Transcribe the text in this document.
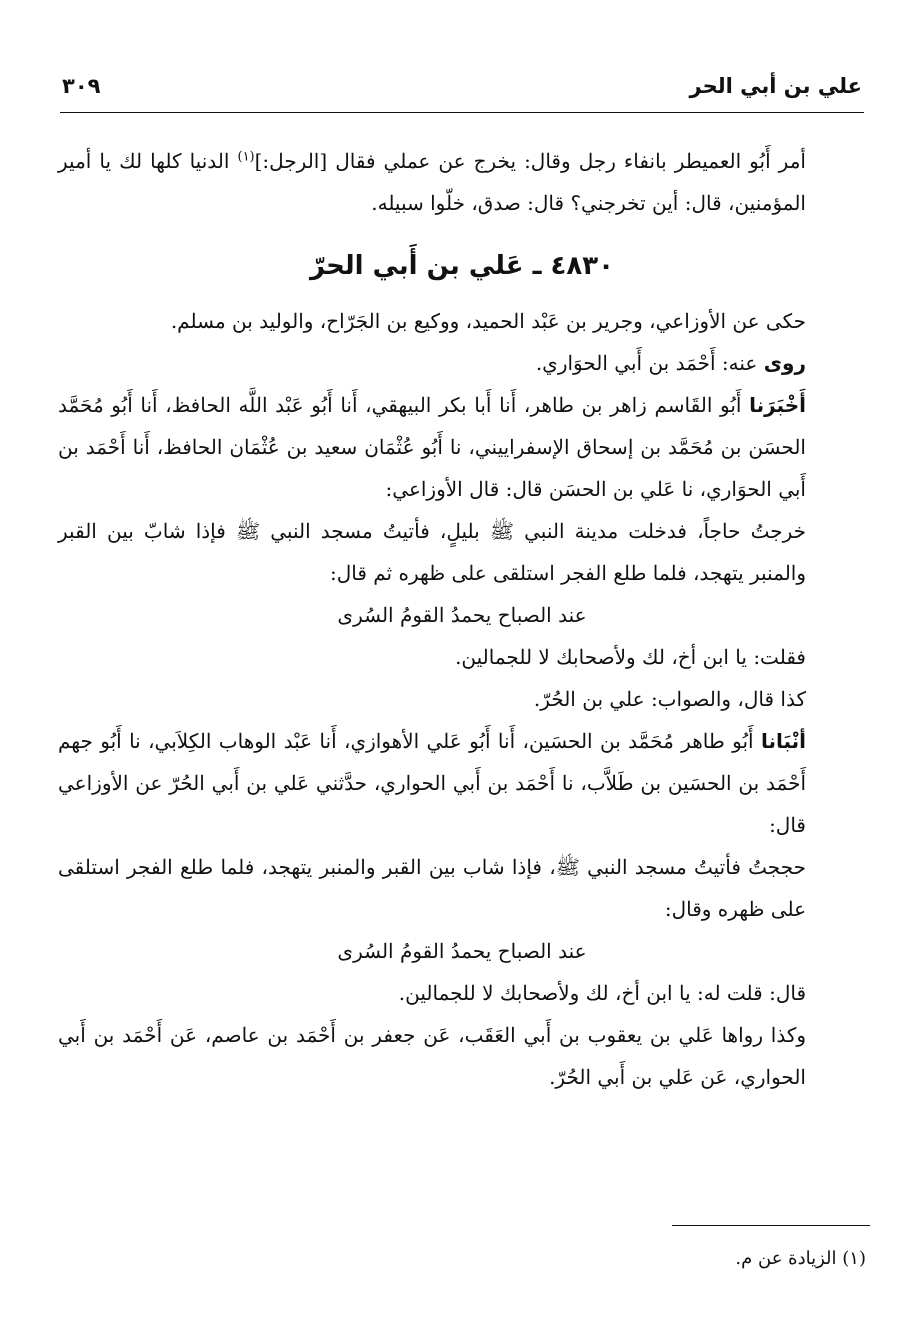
علي بن أبي الحر
٣٠٩

أمر أَبُو العميطر بانفاء رجل وقال: يخرج عن عملي فقال [الرجل:]$^{(١)}$ الدنيا كلها لك يا أمير المؤمنين، قال: أين تخرجني؟ قال: صدق، خلّوا سبيله.

٤٨٣٠ ـ عَلي بن أَبي الحرّ

حكى عن الأوزاعي، وجرير بن عَبْد الحميد، ووكيع بن الجَرّاح، والوليد بن مسلم.

روى عنه: أَحْمَد بن أَبي الحوَاري.

أَخْبَرَنا أَبُو القَاسم زاهر بن طاهر، أَنا أَبا بكر البيهقي، أَنا أَبُو عَبْد اللَّه الحافظ، أَنا أَبُو مُحَمَّد الحسَن بن مُحَمَّد بن إسحاق الإسفراييني، نا أَبُو عُثْمَان سعيد بن عُثْمَان الحافظ، أَنا أَحْمَد بن أَبي الحوَاري، نا عَلي بن الحسَن قال: قال الأوزاعي:

خرجتُ حاجاً، فدخلت مدينة النبي ﷺ بليلٍ، فأتيتُ مسجد النبي ﷺ فإذا شابّ بين القبر والمنبر يتهجد، فلما طلع الفجر استلقى على ظهره ثم قال:

عند الصباح يحمدُ القومُ السُرى

فقلت: يا ابن أخ، لك ولأصحابك لا للجمالين.

كذا قال، والصواب: علي بن الحُرّ.

أنْبَانا أَبُو طاهر مُحَمَّد بن الحسَين، أَنا أَبُو عَلي الأهوازي، أَنا عَبْد الوهاب الكِلاَبي، نا أَبُو جهم أَحْمَد بن الحسَين بن طَلاَّب، نا أَحْمَد بن أَبي الحواري، حدَّثني عَلي بن أَبي الحُرّ عن الأوزاعي قال:

حججتُ فأتيتُ مسجد النبي ﷺ، فإذا شاب بين القبر والمنبر يتهجد، فلما طلع الفجر استلقى على ظهره وقال:

عند الصباح يحمدُ القومُ السُرى

قال: قلت له: يا ابن أخ، لك ولأصحابك لا للجمالين.

وكذا رواها عَلي بن يعقوب بن أَبي العَقَب، عَن جعفر بن أَحْمَد بن عاصم، عَن أَحْمَد بن أَبي الحواري، عَن عَلي بن أَبي الحُرّ.

(١) الزيادة عن م.
